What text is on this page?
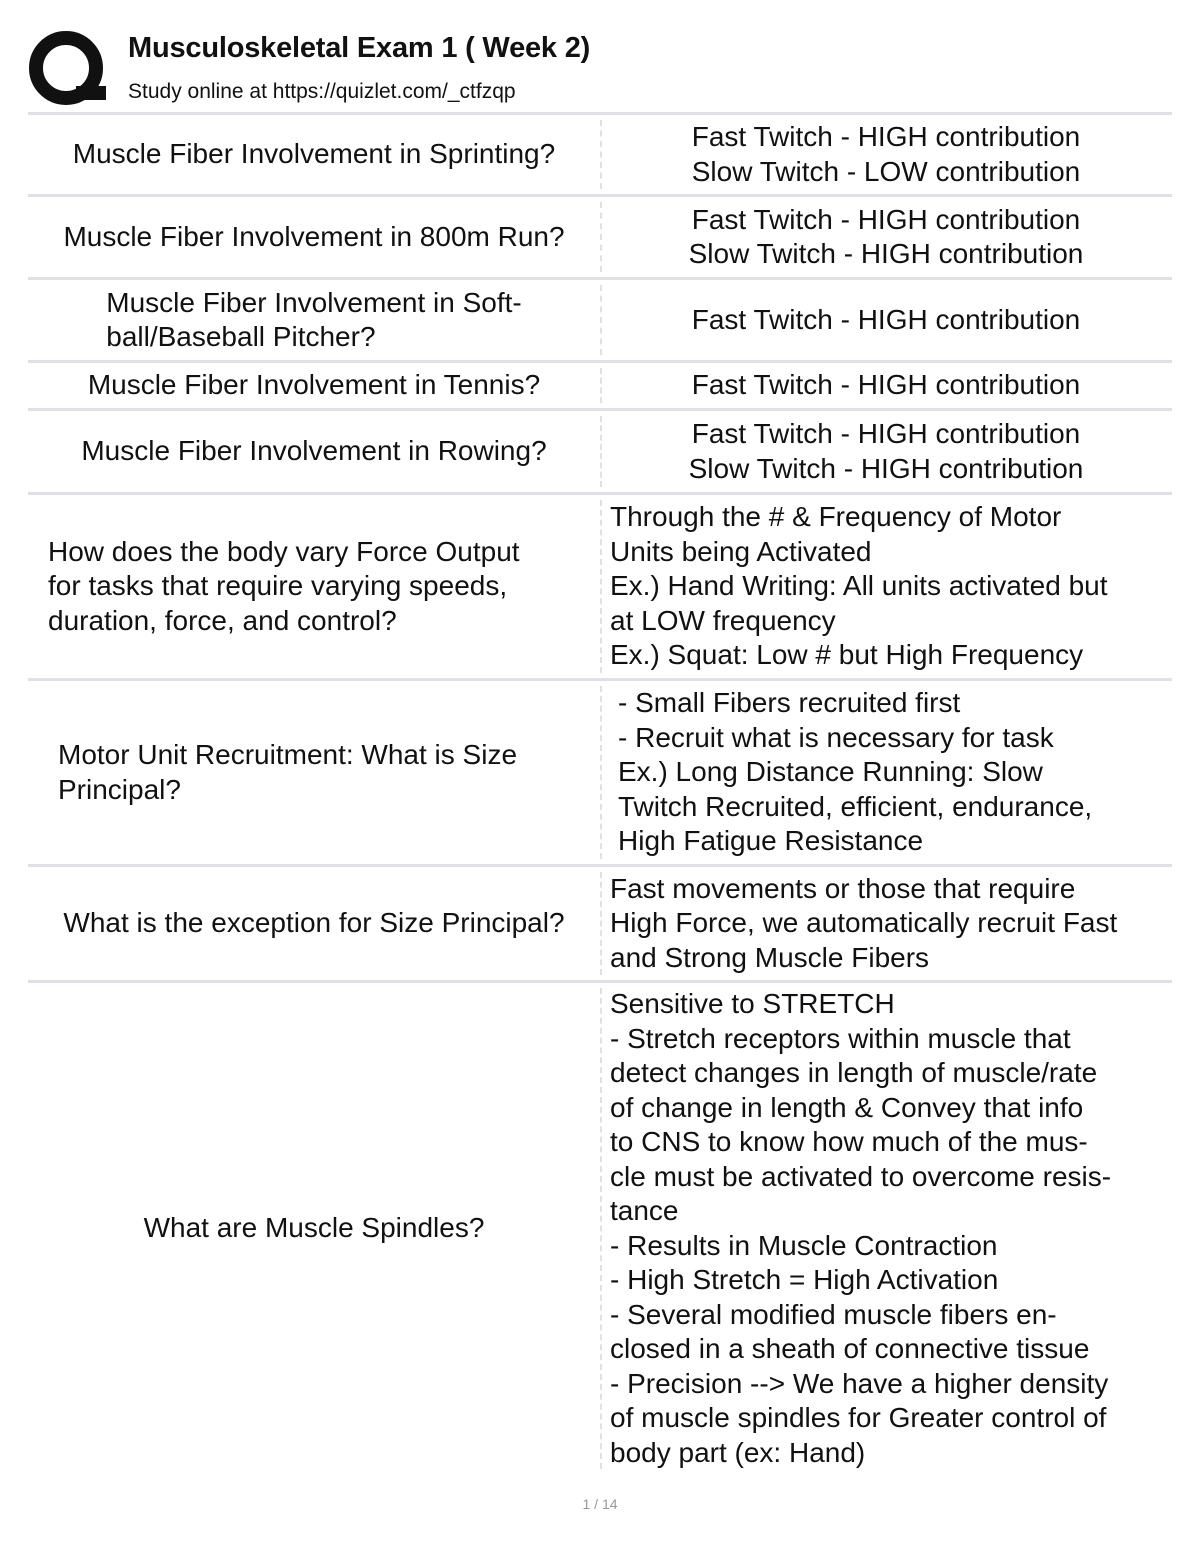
Musculoskeletal Exam 1 ( Week 2)
Study online at https://quizlet.com/_ctfzqp
Muscle Fiber Involvement in Sprinting?
Fast Twitch - HIGH contribution
Slow Twitch - LOW contribution
Muscle Fiber Involvement in 800m Run?
Fast Twitch - HIGH contribution
Slow Twitch - HIGH contribution
Muscle Fiber Involvement in Soft-
ball/Baseball Pitcher?
Fast Twitch - HIGH contribution
Muscle Fiber Involvement in Tennis?	Fast Twitch - HIGH contribution
Muscle Fiber Involvement in Rowing?
Fast Twitch - HIGH contribution
Slow Twitch - HIGH contribution
How does the body vary Force Output
for tasks that require varying speeds,
duration, force, and control?
Through the # & Frequency of Motor
Units being Activated
Ex.) Hand Writing: All units activated but
at LOW frequency
Ex.) Squat: Low # but High Frequency
Motor Unit Recruitment: What is Size
Principal?
- Small Fibers recruited first
- Recruit what is necessary for task
Ex.) Long Distance Running: Slow
Twitch Recruited, efficient, endurance,
High Fatigue Resistance
What is the exception for Size Principal?
Fast movements or those that require
High Force, we automatically recruit Fast
and Strong Muscle Fibers
What are Muscle Spindles?
Sensitive to STRETCH
- Stretch receptors within muscle that
detect changes in length of muscle/rate
of change in length & Convey that info
to CNS to know how much of the mus-
cle must be activated to overcome resis-
tance
- Results in Muscle Contraction
- High Stretch = High Activation
- Several modified muscle fibers en-
closed in a sheath of connective tissue
- Precision --> We have a higher density
of muscle spindles for Greater control of
body part (ex: Hand)
1 / 14
